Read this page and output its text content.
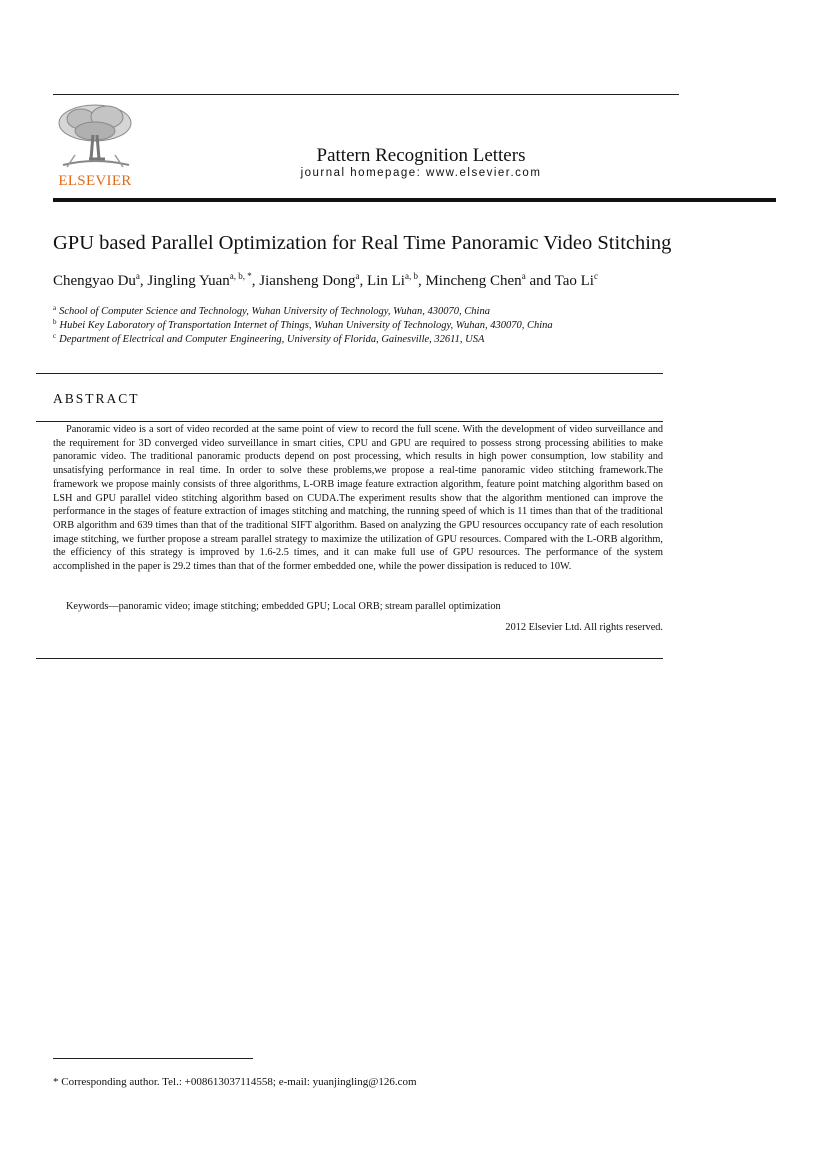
ELSEVIER
Pattern Recognition Letters
journal homepage: www.elsevier.com
GPU based Parallel Optimization for Real Time Panoramic Video Stitching
Chengyao Du$^a$, Jingling Yuan$^{a, b, *}$, Jiansheng Dong$^a$, Lin Li$^{a, b}$, Mincheng Chen$^a$ and Tao Li$^c$
$^a$ School of Computer Science and Technology, Wuhan University of Technology, Wuhan, 430070, China
$^b$ Hubei Key Laboratory of Transportation Internet of Things, Wuhan University of Technology, Wuhan, 430070, China
$^c$ Department of Electrical and Computer Engineering, University of Florida, Gainesville, 32611, USA
ABSTRACT

Panoramic video is a sort of video recorded at the same point of view to record the full scene. With the development of video surveillance and the requirement for 3D converged video surveillance in smart cities, CPU and GPU are required to possess strong processing abilities to make panoramic video. The traditional panoramic products depend on post processing, which results in high power consumption, low stability and unsatisfying performance in real time. In order to solve these problems,we propose a real-time panoramic video stitching framework.The framework we propose mainly consists of three algorithms, L-ORB image feature extraction algorithm, feature point matching algorithm based on LSH and GPU parallel video stitching algorithm based on CUDA.The experiment results show that the algorithm mentioned can improve the performance in the stages of feature extraction of images stitching and matching, the running speed of which is 11 times than that of the traditional ORB algorithm and 639 times than that of the traditional SIFT algorithm. Based on analyzing the GPU resources occupancy rate of each resolution image stitching, we further propose a stream parallel strategy to maximize the utilization of GPU resources. Compared with the L-ORB algorithm, the efficiency of this strategy is improved by 1.6-2.5 times, and it can make full use of GPU resources. The performance of the system accomplished in the paper is 29.2 times than that of the former embedded one, while the power dissipation is reduced to 10W.

Keywords—panoramic video; image stitching; embedded GPU; Local ORB; stream parallel optimization
2012 Elsevier Ltd. All rights reserved.
* Corresponding author. Tel.: +008613037114558; e-mail: yuanjingling@126.com
